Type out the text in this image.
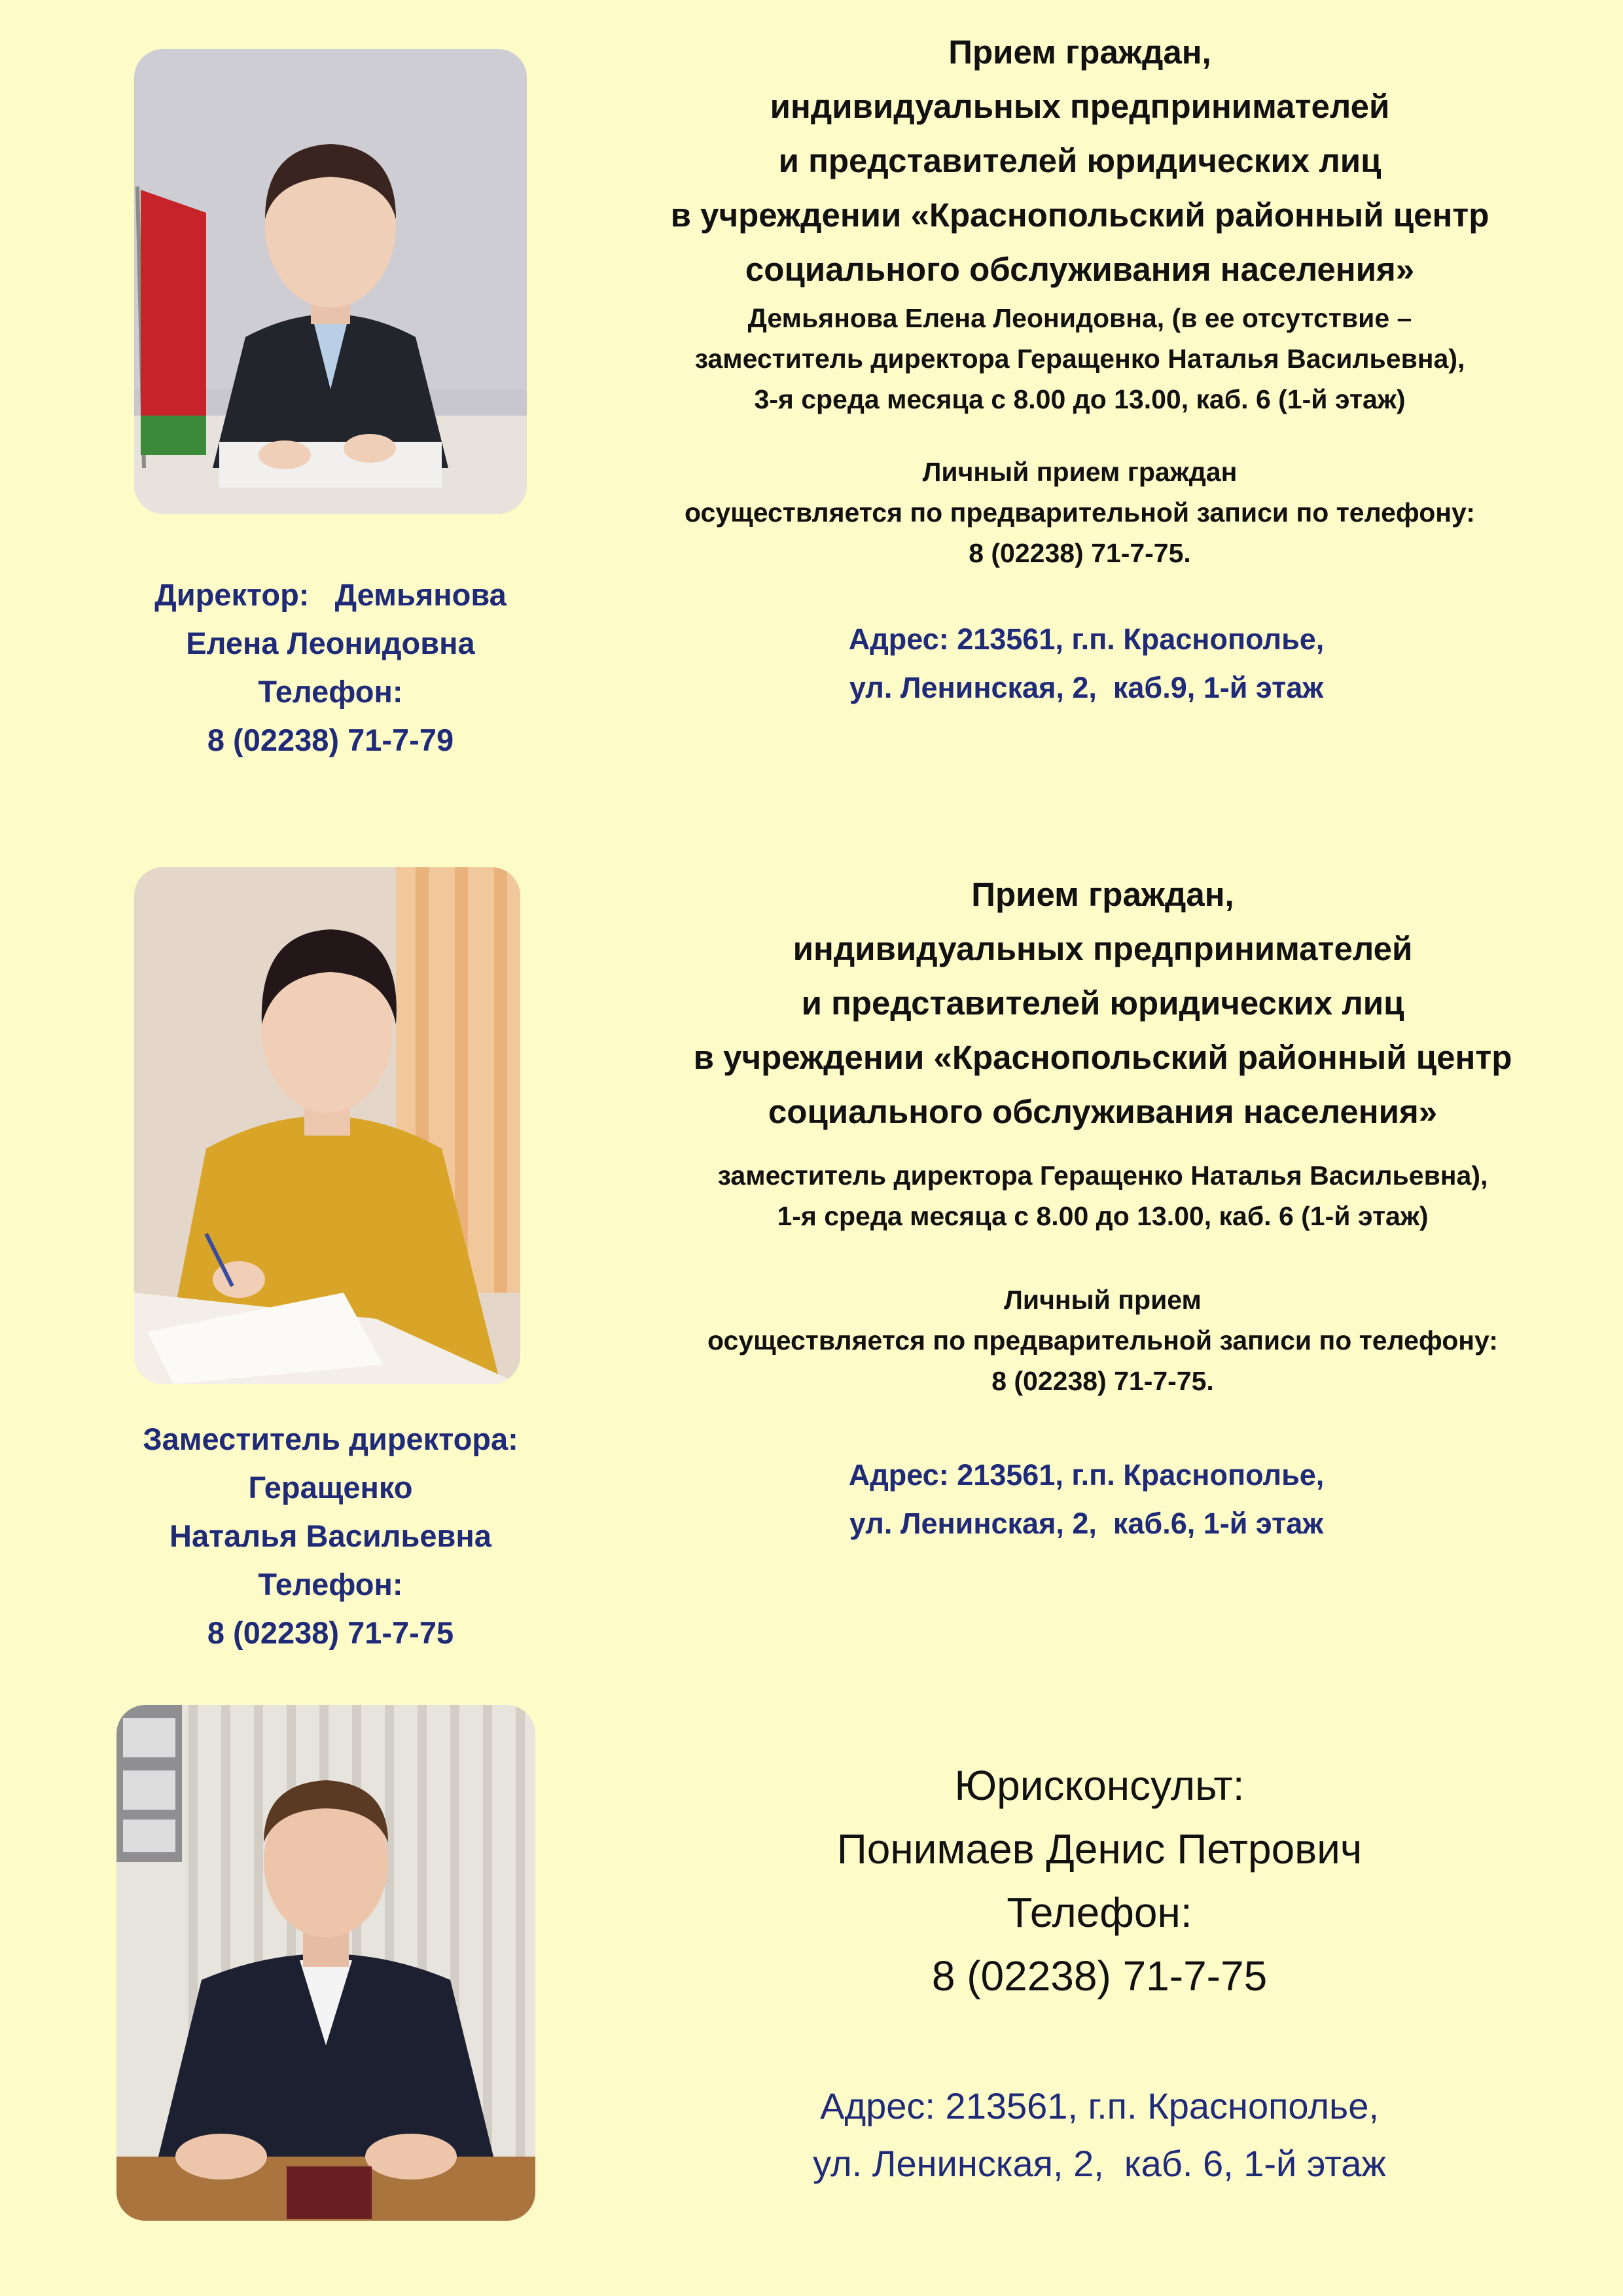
Директор:   Демьянова
Елена Леонидовна
Телефон:
8 (02238) 71-7-79
Прием граждан,
индивидуальных предпринимателей
и представителей юридических лиц
в учреждении «Краснопольский районный центр
социального обслуживания населения»
Демьянова Елена Леонидовна, (в ее отсутствие –
заместитель директора Геращенко Наталья Васильевна),
3-я среда месяца с 8.00 до 13.00, каб. 6 (1-й этаж)
Личный прием граждан
осуществляется по предварительной записи по телефону:
8 (02238) 71-7-75.
Адрес: 213561, г.п. Краснополье,
ул. Ленинская, 2,  каб.9, 1-й этаж
Заместитель директора:
Геращенко
Наталья Васильевна
Телефон:
8 (02238) 71-7-75
Прием граждан,
индивидуальных предпринимателей
и представителей юридических лиц
в учреждении «Краснопольский районный центр
социального обслуживания населения»
заместитель директора Геращенко Наталья Васильевна),
1-я среда месяца с 8.00 до 13.00, каб. 6 (1-й этаж)
Личный прием
осуществляется по предварительной записи по телефону:
8 (02238) 71-7-75.
Адрес: 213561, г.п. Краснополье,
ул. Ленинская, 2,  каб.6, 1-й этаж
Юрисконсульт:
Понимаев Денис Петрович
Телефон:
8 (02238) 71-7-75
Адрес: 213561, г.п. Краснополье,
ул. Ленинская, 2,  каб. 6, 1-й этаж
